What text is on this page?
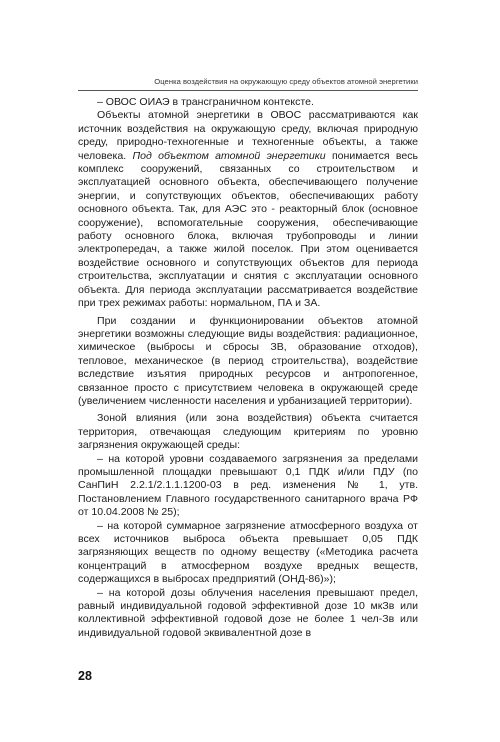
Оценка воздействия на окружающую среду объектов атомной энергетики

– ОВОС ОИАЭ в трансграничном контексте.

Объекты атомной энергетики в ОВОС рассматриваются как источник воздействия на окружающую среду, включая природную среду, природно-техногенные и техногенные объекты, а также человека. Под объектом атомной энергетики понимается весь комплекс сооружений, связанных со строительством и эксплуатацией основного объекта, обеспечивающего получение энергии, и сопутствующих объектов, обеспечивающих работу основного объекта. Так, для АЭС это - реакторный блок (основное сооружение), вспомогательные сооружения, обеспечивающие работу основного блока, включая трубопроводы и линии электропередач, а также жилой поселок. При этом оценивается воздействие основного и сопутствующих объектов для периода строительства, эксплуатации и снятия с эксплуатации основного объекта. Для периода эксплуатации рассматривается воздействие при трех режимах работы: нормальном, ПА и ЗА.

При создании и функционировании объектов атомной энергетики возможны следующие виды воздействия: радиационное, химическое (выбросы и сбросы ЗВ, образование отходов), тепловое, механическое (в период строительства), воздействие вследствие изъятия природных ресурсов и антропогенное, связанное просто с присутствием человека в окружающей среде (увеличением численности населения и урбанизацией территории).

Зоной влияния (или зона воздействия) объекта считается территория, отвечающая следующим критериям по уровню загрязнения окружающей среды:

– на которой уровни создаваемого загрязнения за пределами промышленной площадки превышают 0,1 ПДК и/или ПДУ (по СанПиН 2.2.1/2.1.1.1200-03 в ред. изменения № 1, утв. Постановлением Главного государственного санитарного врача РФ от 10.04.2008 № 25);

– на которой суммарное загрязнение атмосферного воздуха от всех источников выброса объекта превышает 0,05 ПДК загрязняющих веществ по одному веществу («Методика расчета концентраций в атмосферном воздухе вредных веществ, содержащихся в выбросах предприятий (ОНД-86)»);

– на которой дозы облучения населения превышают предел, равный индивидуальной годовой эффективной дозе 10 мкЗв или коллективной эффективной годовой дозе не более 1 чел-Зв или индивидуальной годовой эквивалентной дозе в

28
